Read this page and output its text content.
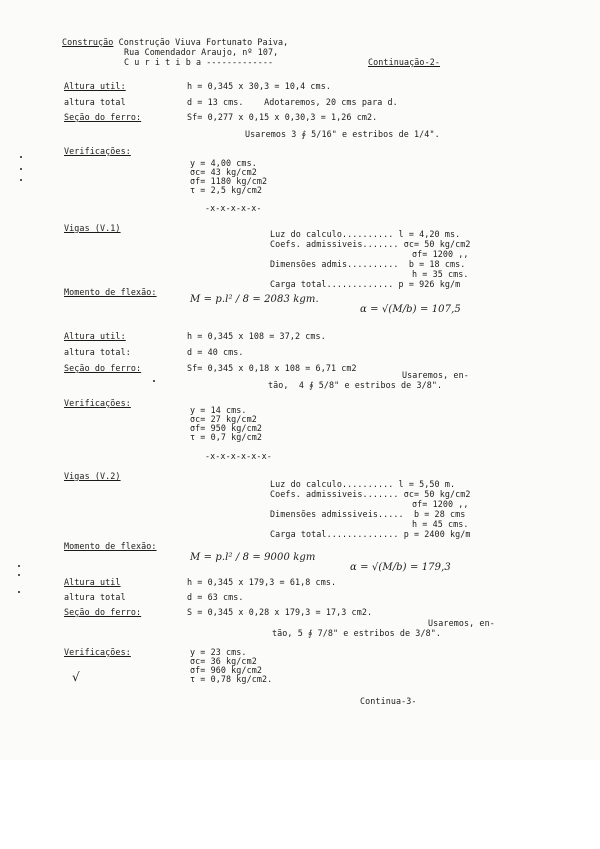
Construção Construção Viuva Fortunato Paiva,
Rua Comendador Araujo, nº 107,
C u r i t i b a -------------	Continuação-2-
Altura util:	h = 0,345 x 30,3 = 10,4 cms.
altura total	d = 13 cms.    Adotaremos, 20 cms para d.
Seção do ferro:	Sf= 0,277 x 0,15 x 0,30,3 = 1,26 cm2.
Usaremos 3 ∮ 5/16" e estribos de 1/4".
Verificações:
y = 4,00 cms.
σc= 43 kg/cm2
σf= 1180 kg/cm2
τ = 2,5 kg/cm2
-x-x-x-x-x-
Vigas (V.1)
Luz do calculo.......... l = 4,20 ms.
Coefs. admissiveis....... σc= 50 kg/cm2
σf= 1200 ,,
Dimensões admis..........  b = 18 cms.
h = 35 cms.
Carga total............. p = 926 kg/m
Momento de flexão:
M = p.l² / 8 = 2083 kgm.
α = √(M/b) = 107,5
Altura util:	h = 0,345 x 108 = 37,2 cms.
altura total:	d = 40 cms.
Seção do ferro:	Sf= 0,345 x 0,18 x 108 = 6,71 cm2
Usaremos, en-
tão,  4 ∮ 5/8" e estribos de 3/8".
Verificações:
y = 14 cms.
σc= 27 kg/cm2
σf= 950 kg/cm2
τ = 0,7 kg/cm2
-x-x-x-x-x-x-
Vigas (V.2)
Luz do calculo.......... l = 5,50 m.
Coefs. admissiveis....... σc= 50 kg/cm2
σf= 1200 ,,
Dimensões admissiveis.....  b = 28 cms
h = 45 cms.
Carga total.............. p = 2400 kg/m
Momento de flexão:
M = p.l² / 8 = 9000 kgm
α = √(M/b) = 179,3
Altura util	h = 0,345 x 179,3 = 61,8 cms.
altura total	d = 63 cms.
Seção do ferro:	S = 0,345 x 0,28 x 179,3 = 17,3 cm2.
Usaremos, en-
tão, 5 ∮ 7/8" e estribos de 3/8".
Verificações:	y = 23 cms.
σc= 36 kg/cm2
σf= 960 kg/cm2
τ = 0,78 kg/cm2.
√
Continua-3-
